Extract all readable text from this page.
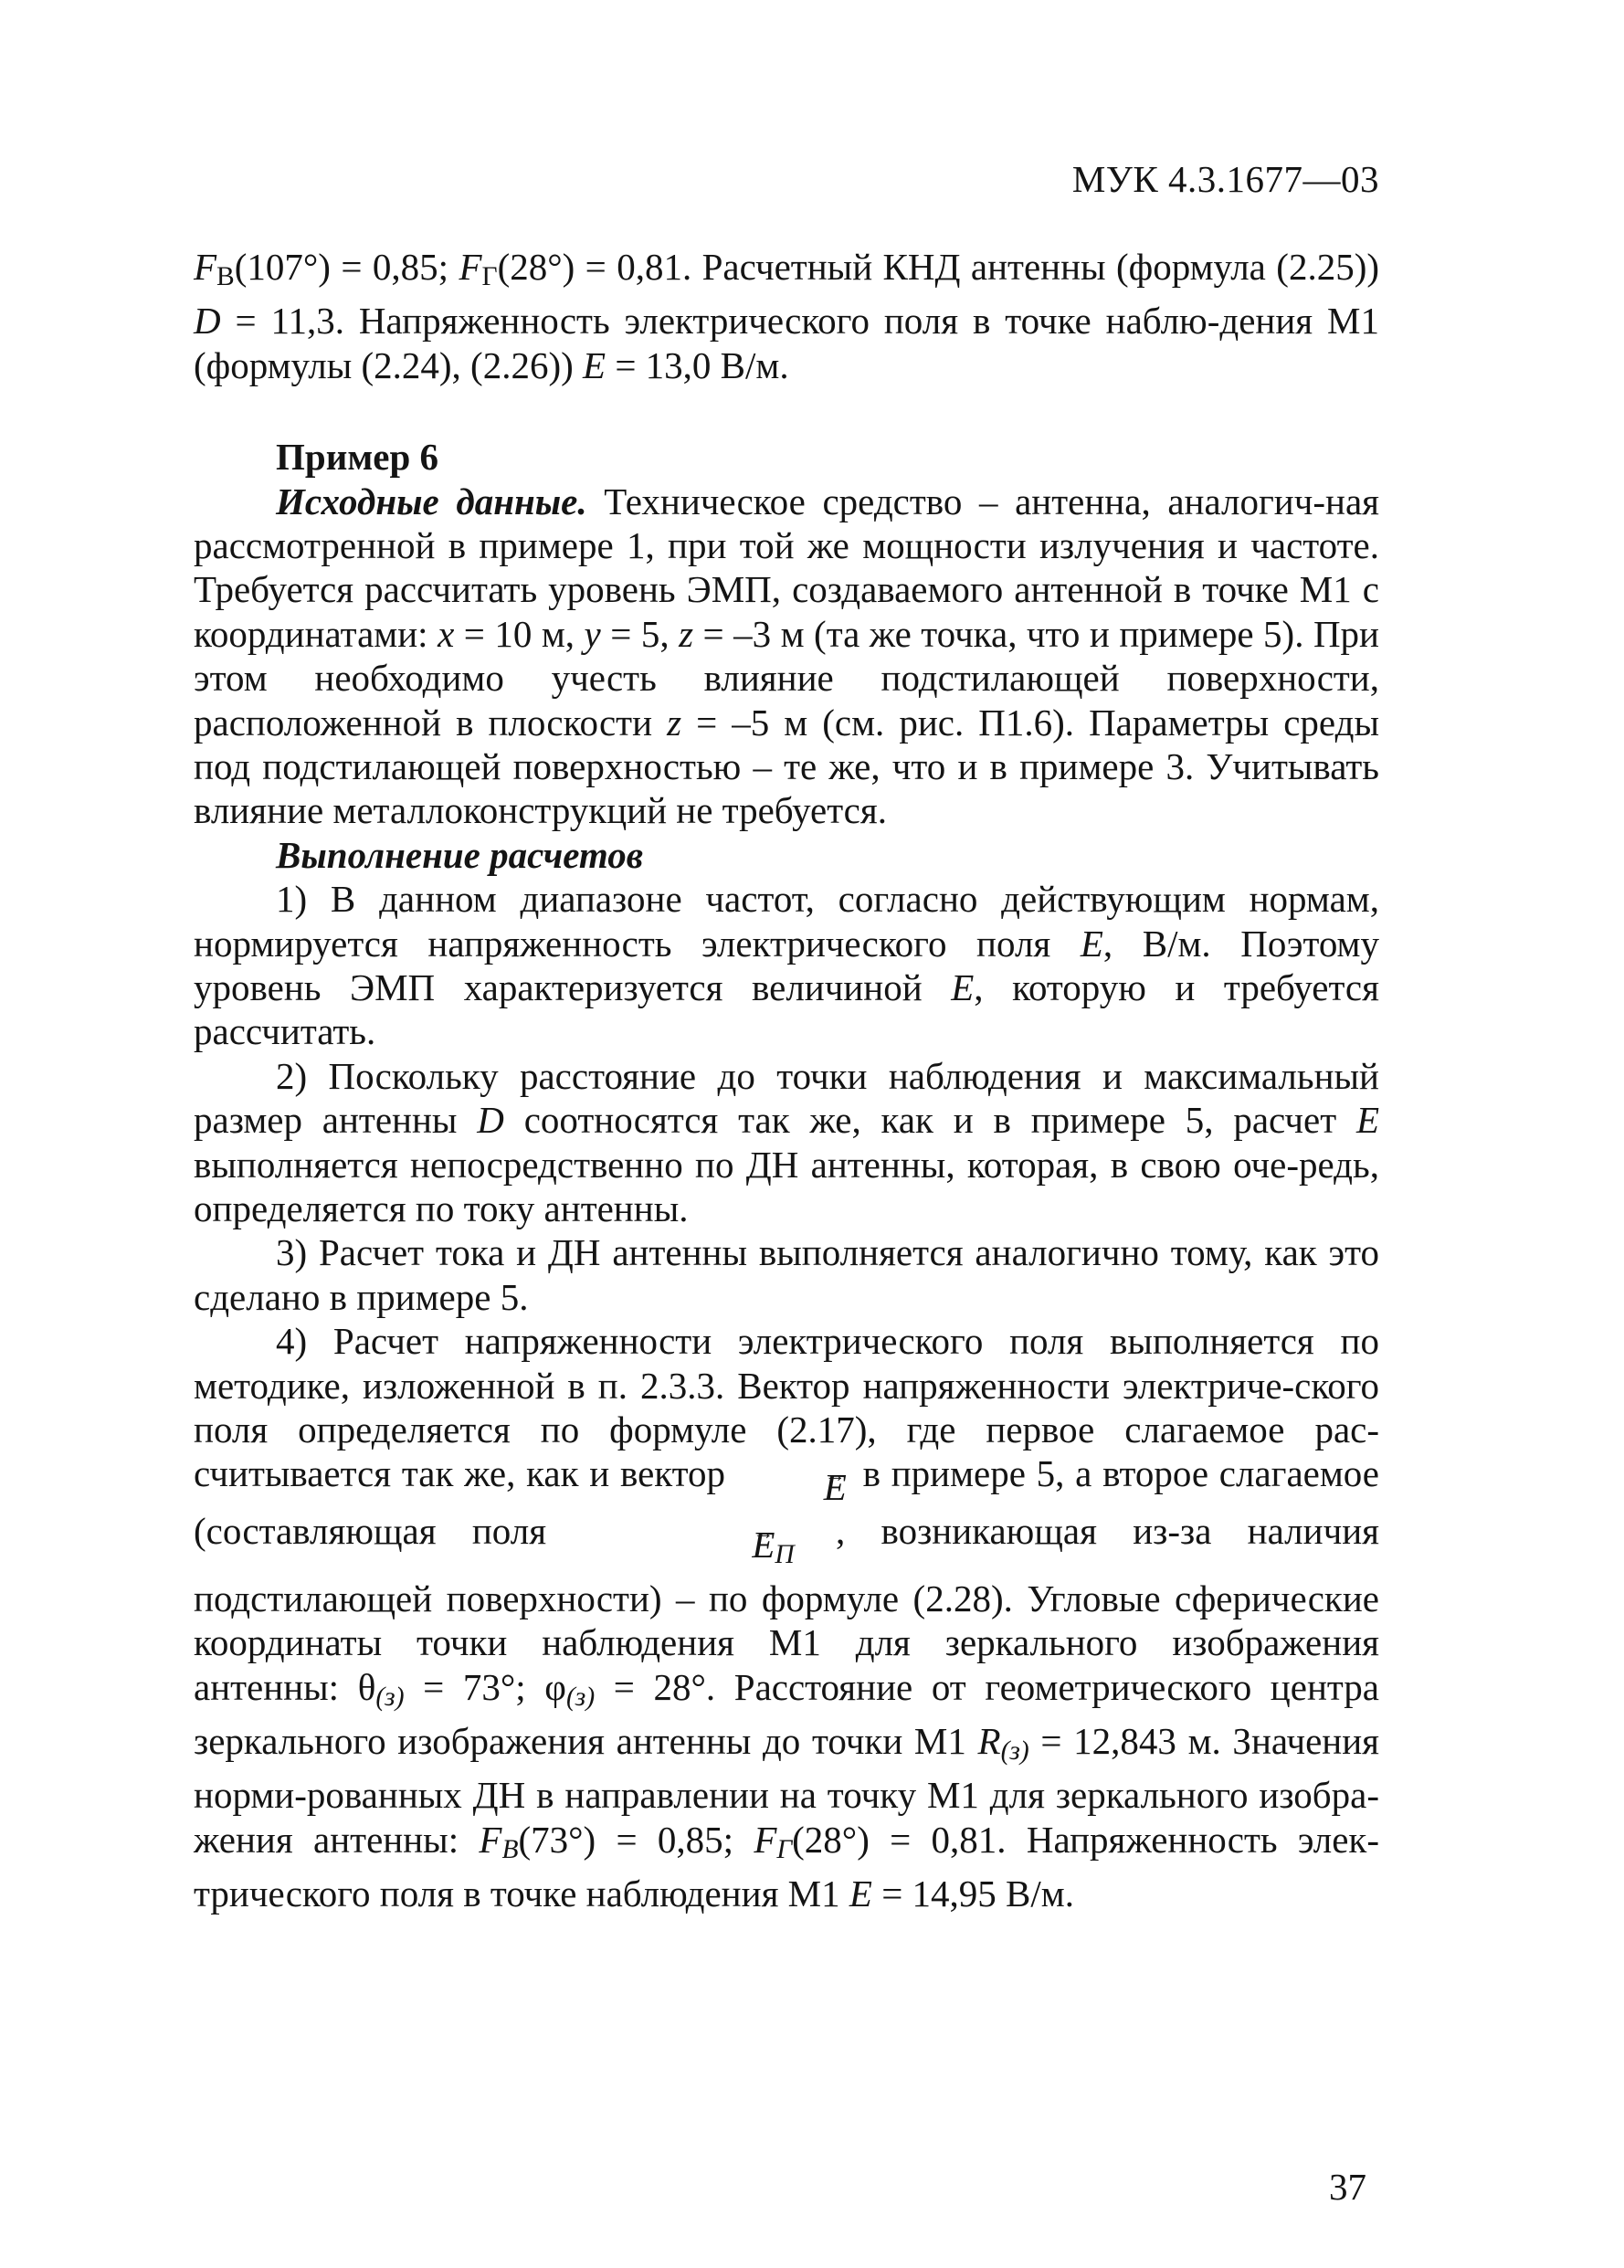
МУК 4.3.1677—03

FВ(107°) = 0,85; FГ(28°) = 0,81. Расчетный КНД антенны (формула (2.25)) D = 11,3. Напряженность электрического поля в точке наблю-дения М1 (формулы (2.24), (2.26)) E = 13,0 В/м.

Пример 6

Исходные данные. Техническое средство – антенна, аналогич-ная рассмотренной в примере 1, при той же мощности излучения и частоте. Требуется рассчитать уровень ЭМП, создаваемого антенной в точке М1 с координатами: x = 10 м, y = 5, z = –3 м (та же точка, что и примере 5). При этом необходимо учесть влияние подстилающей поверхности, расположенной в плоскости z = –5 м (см. рис. П1.6). Параметры среды под подстилающей поверхностью – те же, что и в примере 3. Учитывать влияние металлоконструкций не требуется.

Выполнение расчетов

1) В данном диапазоне частот, согласно действующим нормам, нормируется напряженность электрического поля E, В/м. Поэтому уровень ЭМП характеризуется величиной E, которую и требуется рассчитать.

2) Поскольку расстояние до точки наблюдения и максимальный размер антенны D соотносятся так же, как и в примере 5, расчет E выполняется непосредственно по ДН антенны, которая, в свою оче-редь, определяется по току антенны.

3) Расчет тока и ДН антенны выполняется аналогично тому, как это сделано в примере 5.

4) Расчет напряженности электрического поля выполняется по методике, изложенной в п. 2.3.3. Вектор напряженности электриче-ского поля определяется по формуле (2.17), где первое слагаемое рас-считывается так же, как и вектор → E в примере 5, а второе слагаемое (составляющая поля →	EП , возникающая из-за наличия подстилающей поверхности) – по формуле (2.28). Угловые сферические координаты точки наблюдения М1 для зеркального изображения антенны: θ(з) = 73°; φ(з) = 28°. Расстояние от геометрического центра зеркального изображения антенны до точки М1 R(з) = 12,843 м. Значения норми-рованных ДН в направлении на точку М1 для зеркального изобра-жения антенны: FВ(73°) = 0,85; FГ(28°) = 0,81. Напряженность элек-трического поля в точке наблюдения М1 E = 14,95 В/м.

37
